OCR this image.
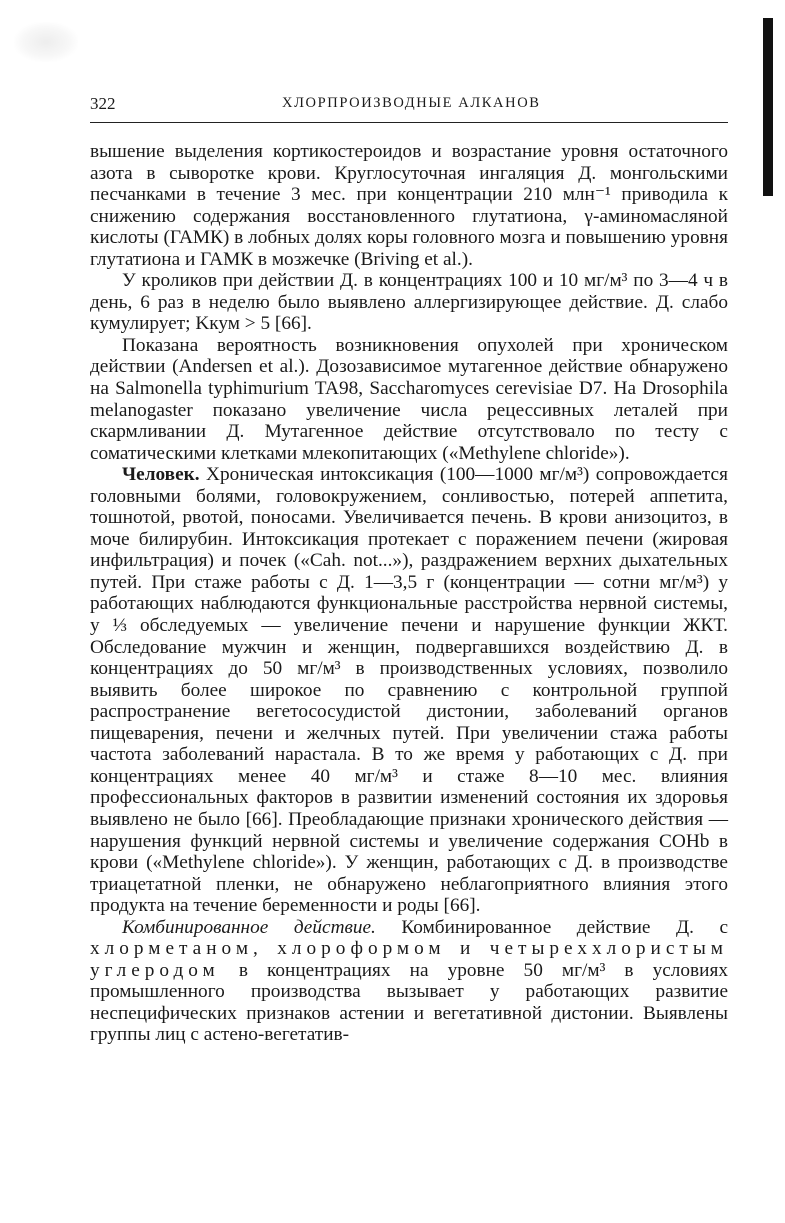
322	ХЛОРПРОИЗВОДНЫЕ АЛКАНОВ

вышение выделения кортикостероидов и возрастание уровня остаточного азота в сыворотке крови. Круглосуточная ингаляция Д. монгольскими песчанками в течение 3 мес. при концентрации 210 млн⁻¹ приводила к снижению содержания восстановленного глутатиона, γ-аминомасляной кислоты (ГАМК) в лобных долях коры головного мозга и повышению уровня глутатиона и ГАМК в мозжечке (Briving et al.).

У кроликов при действии Д. в концентрациях 100 и 10 мг/м³ по 3—4 ч в день, 6 раз в неделю было выявлено аллергизирующее действие. Д. слабо кумулирует; Kкум > 5 [66].

Показана вероятность возникновения опухолей при хроническом действии (Andersen et al.). Дозозависимое мутагенное действие обнаружено на Salmonella typhimurium TA98, Saccharomyces cerevisiae D7. На Drosophila melanogaster показано увеличение числа рецессивных леталей при скармливании Д. Мутагенное действие отсутствовало по тесту с соматическими клетками млекопитающих («Methylene chloride»).

Человек. Хроническая интоксикация (100—1000 мг/м³) сопровождается головными болями, головокружением, сонливостью, потерей аппетита, тошнотой, рвотой, поносами. Увеличивается печень. В крови анизоцитоз, в моче билирубин. Интоксикация протекает с поражением печени (жировая инфильтрация) и почек («Cah. not...»), раздражением верхних дыхательных путей. При стаже работы с Д. 1—3,5 г (концентрации — сотни мг/м³) у работающих наблюдаются функциональные расстройства нервной системы, у ⅓ обследуемых — увеличение печени и нарушение функции ЖКТ. Обследование мужчин и женщин, подвергавшихся воздействию Д. в концентрациях до 50 мг/м³ в производственных условиях, позволило выявить более широкое по сравнению с контрольной группой распространение вегетососудистой дистонии, заболеваний органов пищеварения, печени и желчных путей. При увеличении стажа работы частота заболеваний нарастала. В то же время у работающих с Д. при концентрациях менее 40 мг/м³ и стаже 8—10 мес. влияния профессиональных факторов в развитии изменений состояния их здоровья выявлено не было [66]. Преобладающие признаки хронического действия — нарушения функций нервной системы и увеличение содержания COHb в крови («Methylene chloride»). У женщин, работающих с Д. в производстве триацетатной пленки, не обнаружено неблагоприятного влияния этого продукта на течение беременности и роды [66].

Комбинированное действие. Комбинированное действие Д. с хлорметаном, хлороформом и четыреххлористым углеродом в концентрациях на уровне 50 мг/м³ в условиях промышленного производства вызывает у работающих развитие неспецифических признаков астении и вегетативной дистонии. Выявлены группы лиц с астено-вегетатив-
